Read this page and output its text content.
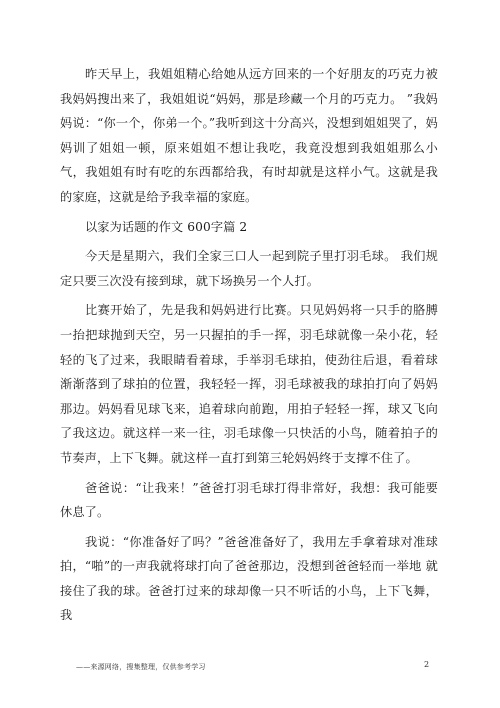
昨天早上，我姐姐精心给她从远方回来的一个好朋友的巧克力被 我妈妈搜出来了，我姐姐说“妈妈，那是珍藏一个月的巧克力。 ”我妈妈说：“你一个，你弟一个。”我听到这十分高兴，没想到姐姐哭了，妈妈训了姐姐一顿，原来姐姐不想让我吃，我竟没想到我姐姐那么小 气，我姐姐有时有吃的东西都给我，有时却就是这样小气。这就是我 的家庭，这就是给予我幸福的家庭。

以家为话题的作文 600字篇 2

今天是星期六，我们全家三口人一起到院子里打羽毛球。 我们规定只要三次没有接到球，就下场换另一个人打。

比赛开始了，先是我和妈妈进行比赛。只见妈妈将一只手的胳膊 一抬把球抛到天空，另一只握拍的手一挥，羽毛球就像一朵小花，轻 轻的飞了过来，我眼睛看着球，手举羽毛球拍，使劲往后退，看着球 渐渐落到了球拍的位置，我轻轻一挥，羽毛球被我的球拍打向了妈妈 那边。妈妈看见球飞来，追着球向前跑，用拍子轻轻一挥，球又飞向 了我这边。就这样一来一往，羽毛球像一只快活的小鸟，随着拍子的 节奏声，上下飞舞。就这样一直打到第三轮妈妈终于支撑不住了。

爸爸说：“让我来！”爸爸打羽毛球打得非常好，我想：我可能要休息了。

我说：“你准备好了吗？”爸爸准备好了，我用左手拿着球对准球拍，“啪”的一声我就将球打向了爸爸那边，没想到爸爸轻而一举地 就接住了我的球。爸爸打过来的球却像一只不听话的小鸟，上下飞舞， 我

——来源网络，搜集整理，仅供参考学习	2
